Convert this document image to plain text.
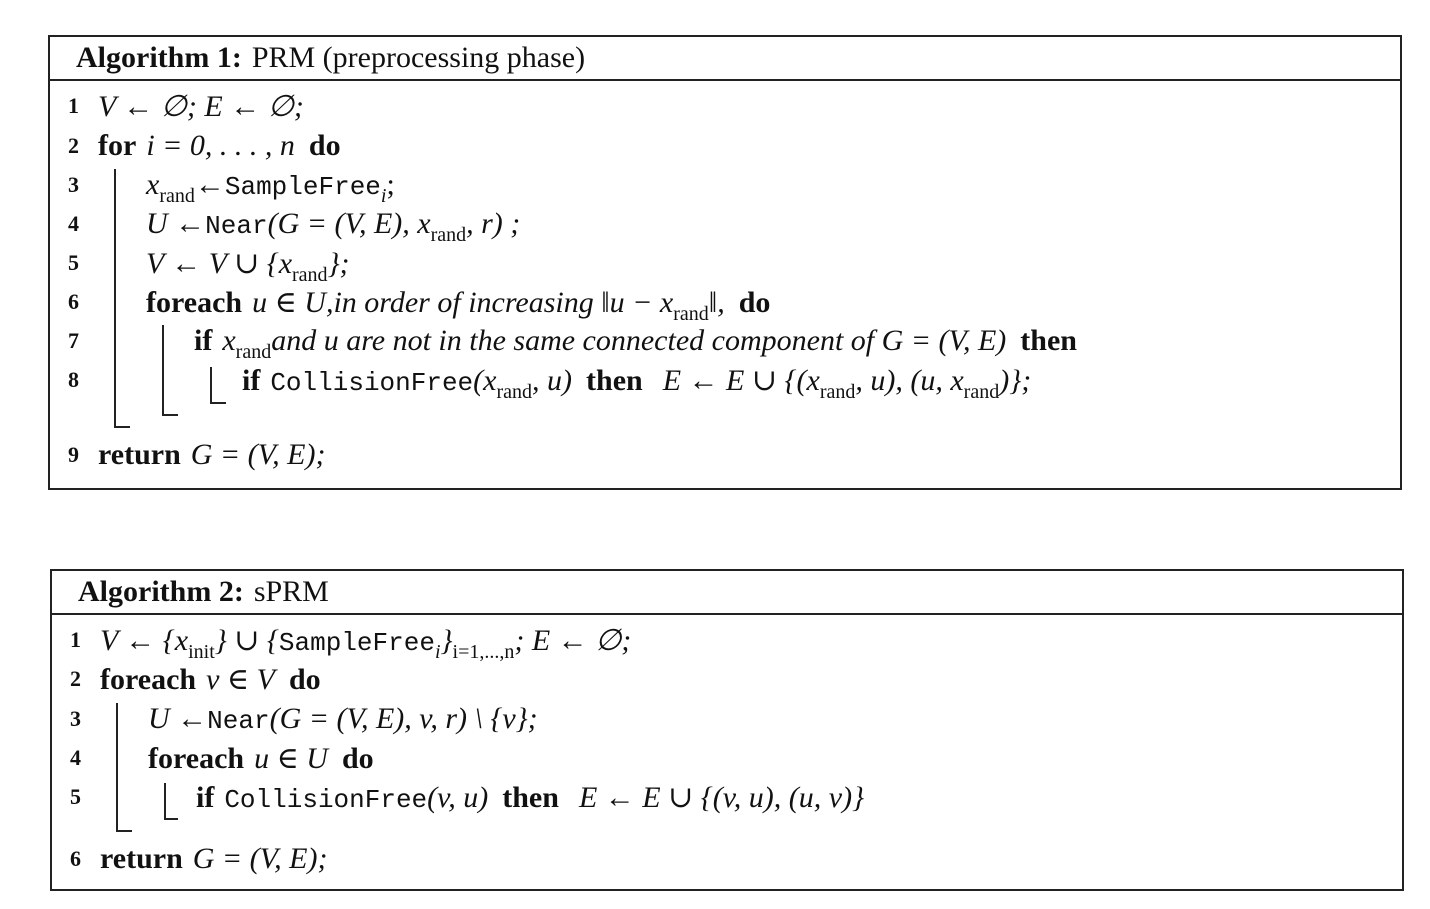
Algorithm 1: PRM (preprocessing phase)
1 V ← ∅; E ← ∅;
2 for i = 0, . . . , n do
3	x rand ← SampleFree i ;
4	U ← Near (G = (V, E), x rand , r) ;
5	V ← V ∪ {x rand };
6	foreach u ∈ U, in order of increasing ‖u − x rand ‖, do
7	if x rand and u are not in the same connected component of G = (V, E) then
8	if CollisionFree (x rand , u) then E ← E ∪ {(x rand , u), (u, x rand )};
9 return G = (V, E);
Algorithm 2: sPRM
1 V ← {x init } ∪ { SampleFree i } i=1,...,n ; E ← ∅;
2 foreach v ∈ V do
3	U ← Near (G = (V, E), v, r) \ {v};
4	foreach u ∈ U do
5	if CollisionFree (v, u) then E ← E ∪ {(v, u), (u, v)}
6 return G = (V, E);
